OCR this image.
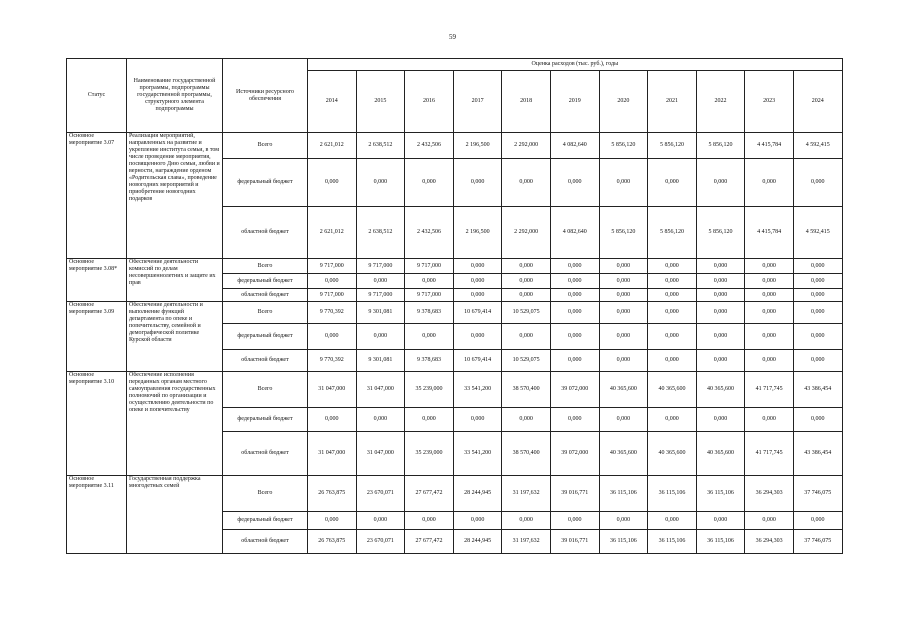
59
Статус	Наименование государственной программы, подпрограммы государственной программы, структурного элемента подпрограммы	Источники ресурсного обеспечения	Оценка расходов (тыс. руб.), годы										
			2014	2015	2016	2017	2018	2019	2020	2021	2022	2023	2024
Основное мероприятие 3.07	Реализация мероприятий, направленных на развитие и укрепление института семьи, в том числе проведение мероприятия, посвященного Дню семьи, любви и верности, награждение орденом «Родительская слава», проведение новогодних мероприятий и приобретение новогодних подарков	Всего	2 621,012	2 638,512	2 432,506	2 196,500	2 292,000	4 082,640	5 856,120	5 856,120	5 856,120	4 415,784	4 592,415
		федеральный бюджет	0,000	0,000	0,000	0,000	0,000	0,000	0,000	0,000	0,000	0,000	0,000
		областной бюджет	2 621,012	2 638,512	2 432,506	2 196,500	2 292,000	4 082,640	5 856,120	5 856,120	5 856,120	4 415,784	4 592,415
Основное мероприятие 3.08*	Обеспечение деятельности комиссий по делам несовершеннолетних и защите их прав	Всего	9 717,000	9 717,000	9 717,000	0,000	0,000	0,000	0,000	0,000	0,000	0,000	0,000
		федеральный бюджет	0,000	0,000	0,000	0,000	0,000	0,000	0,000	0,000	0,000	0,000	0,000
		областной бюджет	9 717,000	9 717,000	9 717,000	0,000	0,000	0,000	0,000	0,000	0,000	0,000	0,000
Основное мероприятие 3.09	Обеспечение деятельности и выполнение функций департамента по опеке и попечительству, семейной и демографической политике Курской области	Всего	9 770,392	9 301,081	9 378,683	10 679,414	10 529,075	0,000	0,000	0,000	0,000	0,000	0,000
		федеральный бюджет	0,000	0,000	0,000	0,000	0,000	0,000	0,000	0,000	0,000	0,000	0,000
		областной бюджет	9 770,392	9 301,081	9 378,683	10 679,414	10 529,075	0,000	0,000	0,000	0,000	0,000	0,000
Основное мероприятие 3.10	Обеспечение исполнения переданных органам местного самоуправления государственных полномочий по организации и осуществлению деятельности по опеке и попечительству	Всего	31 047,000	31 047,000	35 239,000	33 541,200	38 570,400	39 072,000	40 365,600	40 365,600	40 365,600	41 717,745	43 386,454
		федеральный бюджет	0,000	0,000	0,000	0,000	0,000	0,000	0,000	0,000	0,000	0,000	0,000
		областной бюджет	31 047,000	31 047,000	35 239,000	33 541,200	38 570,400	39 072,000	40 365,600	40 365,600	40 365,600	41 717,745	43 386,454
Основное мероприятие 3.11	Государственная поддержка многодетных семей	Всего	26 763,875	23 670,071	27 677,472	28 244,945	31 197,632	39 016,771	36 115,106	36 115,106	36 115,106	36 294,303	37 746,075
		федеральный бюджет	0,000	0,000	0,000	0,000	0,000	0,000	0,000	0,000	0,000	0,000	0,000
		областной бюджет	26 763,875	23 670,071	27 677,472	28 244,945	31 197,632	39 016,771	36 115,106	36 115,106	36 115,106	36 294,303	37 746,075
